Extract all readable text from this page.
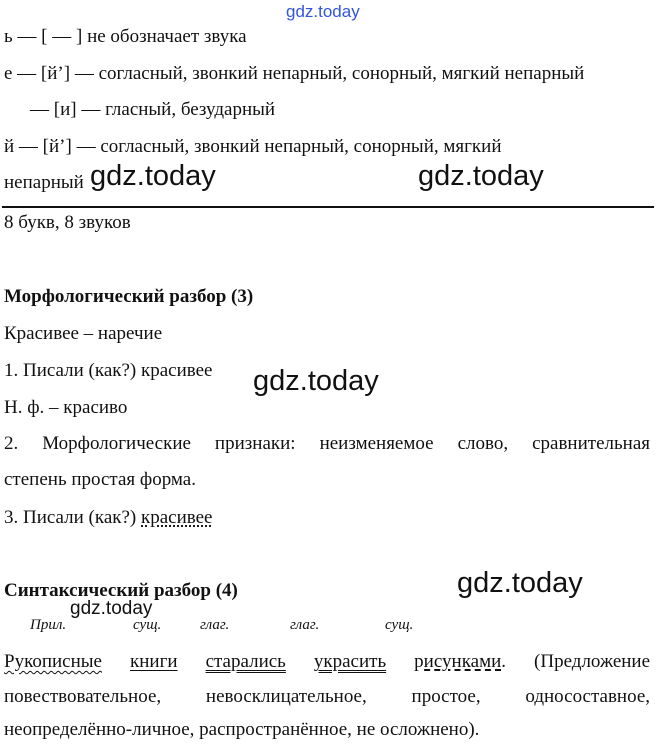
gdz.today
ь — [ — ] не обозначает звука
е — [й’] — согласный, звонкий непарный, сонорный, мягкий непарный
— [и] — гласный, безударный
й — [й’] — согласный, звонкий непарный, сонорный, мягкий
непарный gdz.today	gdz.today
8 букв, 8 звуков
Морфологический разбор (3)
Красивее – наречие
1. Писали (как?) красивее gdz.today
Н. ф. – красиво
2. Морфологические признаки: неизменяемое слово, сравнительная
степень простая форма.
3. Писали (как?) красивее
Синтаксический разбор (4)	gdz.today
gdz.today
Прил.	сущ.	глаг.	глаг.	сущ.
Рукописные книги старались украсить рисунками. (Предложение
повествовательное, невосклицательное, простое, односоставное,
неопределённо-личное, распространённое, не осложнено).
